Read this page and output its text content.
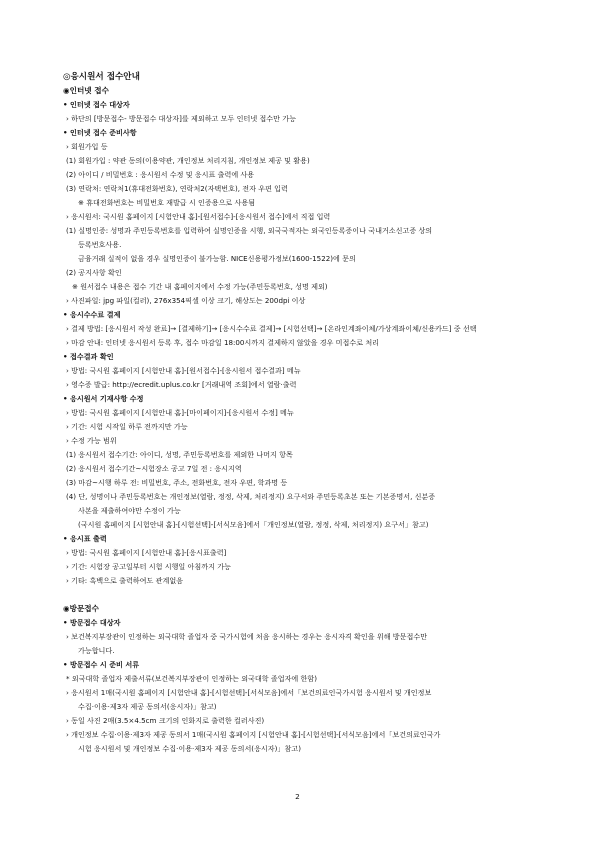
◎응시원서 접수안내
◉인터넷 접수
• 인터넷 접수 대상자
› 하단의 [방문접수- 방문접수 대상자]를 제외하고 모두 인터넷 접수만 가능
• 인터넷 접수 준비사항
› 회원가입 등
(1) 회원가입 : 약관 동의(이용약관, 개인정보 처리지침, 개인정보 제공 및 활용)
(2) 아이디 / 비밀번호 : 응시원서 수정 및 응시표 출력에 사용
(3) 연락처: 연락처1(휴대전화번호), 연락처2(자택번호), 전자 우편 입력
※ 휴대전화번호는 비밀번호 재발급 시 인증용으로 사용됨
› 응시원서: 국시원 홈페이지 [시험안내 홈]-[원서접수]-[응시원서 접수]에서 직접 입력
(1) 실명인증: 성명과 주민등록번호를 입력하여 실명인증을 시행, 외국국적자는 외국인등록증이나 국내거소신고증 상의
등록번호사용.
금융거래 실적이 없을 경우 실명인증이 불가능함. NICE신용평가정보(1600-1522)에 문의
(2) 공지사항 확인
※ 원서접수 내용은 접수 기간 내 홈페이지에서 수정 가능(주민등록번호, 성명 제외)
› 사진파일: jpg 파일(컬러), 276x354픽셀 이상 크기, 해상도는 200dpi 이상
• 응시수수료 결제
› 결제 방법: [응시원서 작성 완료]→ [결제하기]→ [응시수수료 결제]→ [시험선택]→ [온라인계좌이체/가상계좌이체/신용카드] 중 선택
› 마감 안내: 인터넷 응시원서 등록 후, 접수 마감일 18:00시까지 결제하지 않았을 경우 미접수로 처리
• 접수결과 확인
› 방법: 국시원 홈페이지 [시험안내 홈]-[원서접수]-[응시원서 접수결과] 메뉴
› 영수증 발급: http://ecredit.uplus.co.kr [거래내역 조회]에서 열람·출력
• 응시원서 기재사항 수정
› 방법: 국시원 홈페이지 [시험안내 홈]-[마이페이지]-[응시원서 수정] 메뉴
› 기간: 시험 시작일 하루 전까지만 가능
› 수정 가능 범위
(1) 응시원서 접수기간: 아이디, 성명, 주민등록번호를 제외한 나머지 항목
(2) 응시원서 접수기간~시험장소 공고 7일 전 : 응시지역
(3) 마감~시행 하루 전: 비밀번호, 주소, 전화번호, 전자 우편, 학과명 등
(4) 단, 성명이나 주민등록번호는 개인정보(열람, 정정, 삭제, 처리정지) 요구서와 주민등록초본 또는 기본증명서, 신분증
사본을 제출하여야만 수정이 가능
(국시원 홈페이지 [시험안내 홈]-[시험선택]-[서식모음]에서「개인정보(열람, 정정, 삭제, 처리정지) 요구서」참고)
• 응시표 출력
› 방법: 국시원 홈페이지 [시험안내 홈]-[응시표출력]
› 기간: 시험장 공고일부터 시험 시행일 아침까지 가능
› 기타: 흑백으로 출력하여도 관계없음
◉방문접수
• 방문접수 대상자
› 보건복지부장관이 인정하는 외국대학 졸업자 중 국가시험에 처음 응시하는 경우는 응시자격 확인을 위해 방문접수만
가능합니다.
• 방문접수 시 준비 서류
* 외국대학 졸업자 제출서류(보건복지부장관이 인정하는 외국대학 졸업자에 한함)
› 응시원서 1매(국시원 홈페이지 [시험안내 홈]-[시험선택]-[서식모음]에서「보건의료인국가시험 응시원서 및 개인정보
수집·이용·제3자 제공 동의서(응시자)」참고)
› 동일 사진 2매(3.5×4.5cm 크기의 인화지로 출력한 컬러사진)
› 개인정보 수집·이용·제3자 제공 동의서 1매(국시원 홈페이지 [시험안내 홈]-[시험선택]-[서식모음]에서「보건의료인국가
시험 응시원서 및 개인정보 수집·이용·제3자 제공 동의서(응시자)」참고)
2
